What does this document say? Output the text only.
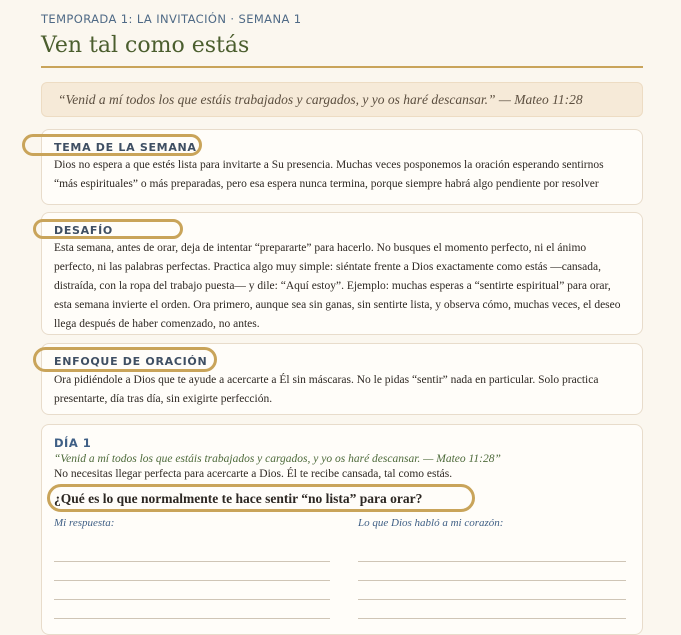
TEMPORADA 1: LA INVITACIÓN · SEMANA 1
Ven tal como estás
“Venid a mí todos los que estáis trabajados y cargados, y yo os haré descansar.” — Mateo 11:28
TEMA DE LA SEMANA
Dios no espera a que estés lista para invitarte a Su presencia. Muchas veces posponemos la oración esperando sentirnos “más espirituales” o más preparadas, pero esa espera nunca termina, porque siempre habrá algo pendiente por resolver
DESAFÍO
Esta semana, antes de orar, deja de intentar “prepararte” para hacerlo. No busques el momento perfecto, ni el ánimo perfecto, ni las palabras perfectas. Practica algo muy simple: siéntate frente a Dios exactamente como estás —cansada, distraída, con la ropa del trabajo puesta— y dile: “Aquí estoy”. Ejemplo: muchas esperas a “sentirte espiritual” para orar, esta semana invierte el orden. Ora primero, aunque sea sin ganas, sin sentirte lista, y observa cómo, muchas veces, el deseo llega después de haber comenzado, no antes.
ENFOQUE DE ORACIÓN
Ora pidiéndole a Dios que te ayude a acercarte a Él sin máscaras. No le pidas “sentir” nada en particular. Solo practica presentarte, día tras día, sin exigirte perfección.
DÍA 1
“Venid a mí todos los que estáis trabajados y cargados, y yo os haré descansar. — Mateo 11:28”
No necesitas llegar perfecta para acercarte a Dios. Él te recibe cansada, tal como estás.
¿Qué es lo que normalmente te hace sentir “no lista” para orar?
Mi respuesta:	Lo que Dios habló a mi corazón:
